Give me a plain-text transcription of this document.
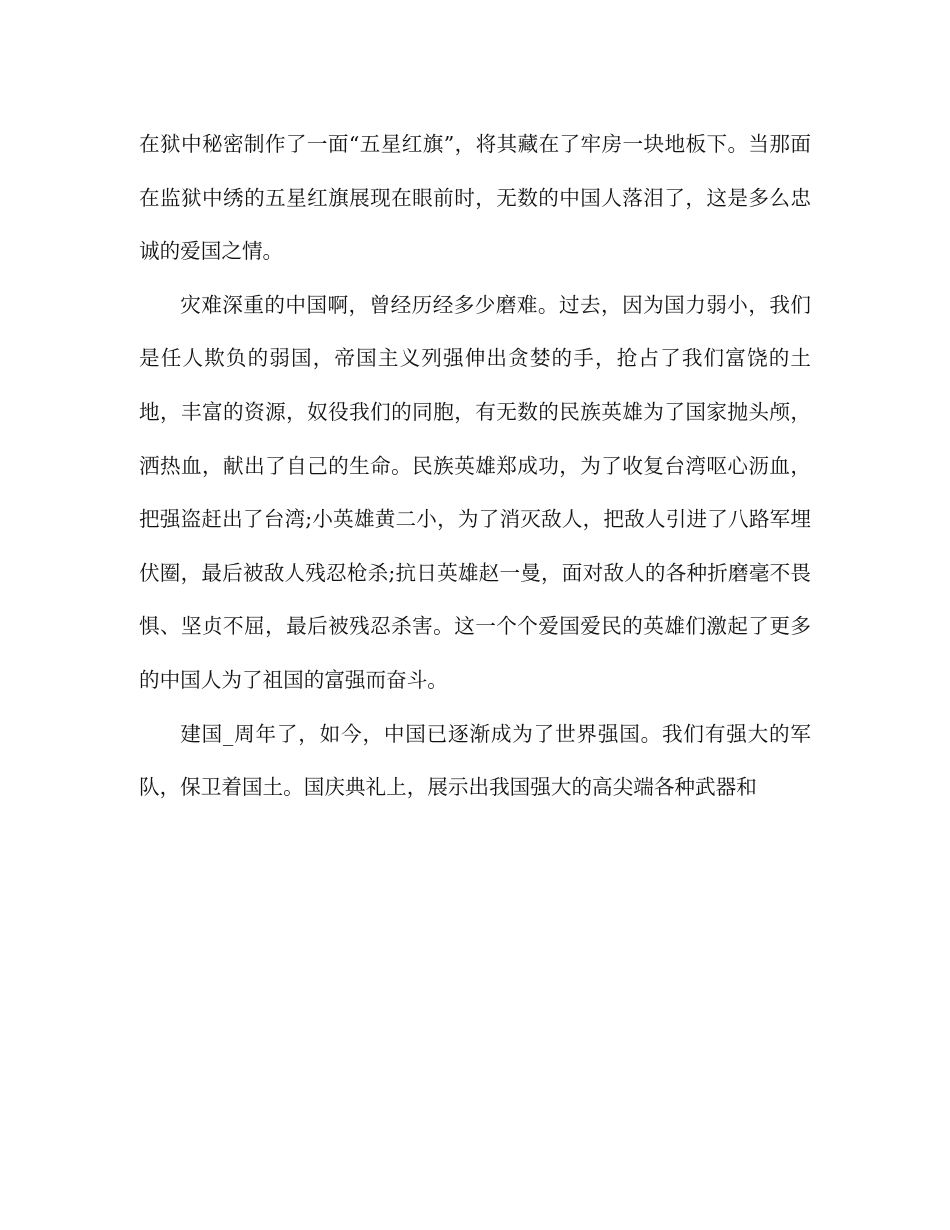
在狱中秘密制作了一面“五星红旗”，将其藏在了牢房一块地板下。当那面在监狱中绣的五星红旗展现在眼前时，无数的中国人落泪了，这是多么忠诚的爱国之情。

灾难深重的中国啊，曾经历经多少磨难。过去，因为国力弱小，我们是任人欺负的弱国，帝国主义列强伸出贪婪的手，抢占了我们富饶的土地，丰富的资源，奴役我们的同胞，有无数的民族英雄为了国家抛头颅，洒热血，献出了自己的生命。民族英雄郑成功，为了收复台湾呕心沥血，把强盗赶出了台湾;小英雄黄二小，为了消灭敌人，把敌人引进了八路军埋伏圈，最后被敌人残忍枪杀;抗日英雄赵一曼，面对敌人的各种折磨毫不畏惧、坚贞不屈，最后被残忍杀害。这一个个爱国爱民的英雄们激起了更多的中国人为了祖国的富强而奋斗。

建国_周年了，如今，中国已逐渐成为了世界强国。我们有强大的军队，保卫着国土。国庆典礼上，展示出我国强大的高尖端各种武器和
